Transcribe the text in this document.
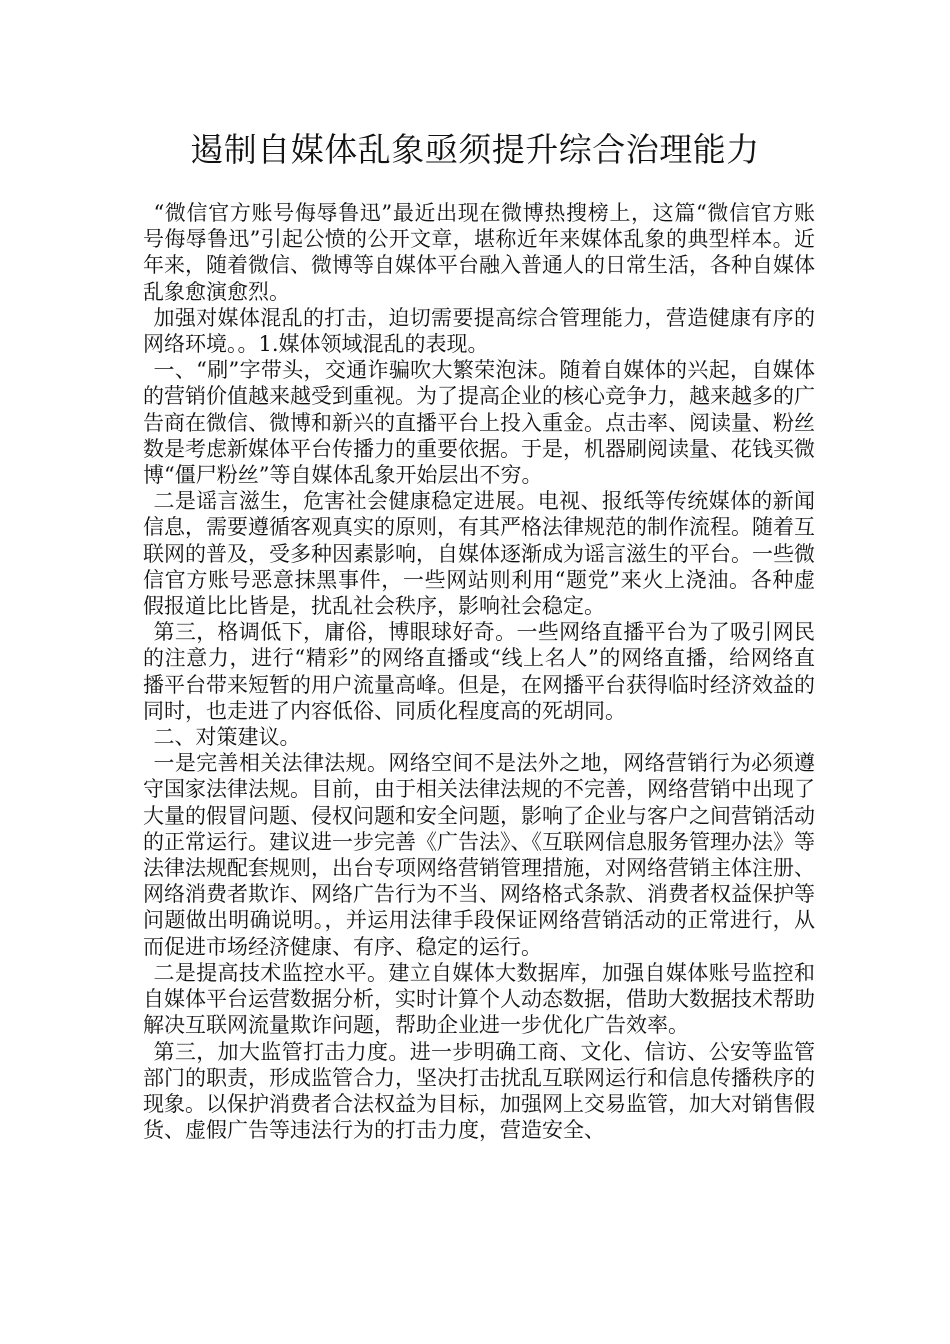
遏制自媒体乱象亟须提升综合治理能力

“微信官方账号侮辱鲁迅”最近出现在微博热搜榜上，这篇“微信官方账号侮辱鲁迅”引起公愤的公开文章，堪称近年来媒体乱象的典型样本。近年来，随着微信、微博等自媒体平台融入普通人的日常生活，各种自媒体乱象愈演愈烈。

加强对媒体混乱的打击，迫切需要提高综合管理能力，营造健康有序的网络环境。。1.媒体领域混乱的表现。

一、“刷”字带头，交通诈骗吹大繁荣泡沫。随着自媒体的兴起，自媒体的营销价值越来越受到重视。为了提高企业的核心竞争力，越来越多的广告商在微信、微博和新兴的直播平台上投入重金。点击率、阅读量、粉丝数是考虑新媒体平台传播力的重要依据。于是，机器刷阅读量、花钱买微博“僵尸粉丝”等自媒体乱象开始层出不穷。

二是谣言滋生，危害社会健康稳定进展。电视、报纸等传统媒体的新闻信息，需要遵循客观真实的原则，有其严格法律规范的制作流程。随着互联网的普及，受多种因素影响，自媒体逐渐成为谣言滋生的平台。一些微信官方账号恶意抹黑事件，一些网站则利用“题党”来火上浇油。各种虚假报道比比皆是，扰乱社会秩序，影响社会稳定。

第三，格调低下，庸俗，博眼球好奇。一些网络直播平台为了吸引网民的注意力，进行“精彩”的网络直播或“线上名人”的网络直播，给网络直播平台带来短暂的用户流量高峰。但是，在网播平台获得临时经济效益的同时，也走进了内容低俗、同质化程度高的死胡同。

二、对策建议。

一是完善相关法律法规。网络空间不是法外之地，网络营销行为必须遵守国家法律法规。目前，由于相关法律法规的不完善，网络营销中出现了大量的假冒问题、侵权问题和安全问题，影响了企业与客户之间营销活动的正常运行。建议进一步完善《广告法》、《互联网信息服务管理办法》等法律法规配套规则，出台专项网络营销管理措施，对网络营销主体注册、网络消费者欺诈、网络广告行为不当、网络格式条款、消费者权益保护等问题做出明确说明。，并运用法律手段保证网络营销活动的正常进行，从而促进市场经济健康、有序、稳定的运行。

二是提高技术监控水平。建立自媒体大数据库，加强自媒体账号监控和自媒体平台运营数据分析，实时计算个人动态数据，借助大数据技术帮助解决互联网流量欺诈问题，帮助企业进一步优化广告效率。

第三，加大监管打击力度。进一步明确工商、文化、信访、公安等监管部门的职责，形成监管合力，坚决打击扰乱互联网运行和信息传播秩序的现象。以保护消费者合法权益为目标，加强网上交易监管，加大对销售假货、虚假广告等违法行为的打击力度，营造安全、
